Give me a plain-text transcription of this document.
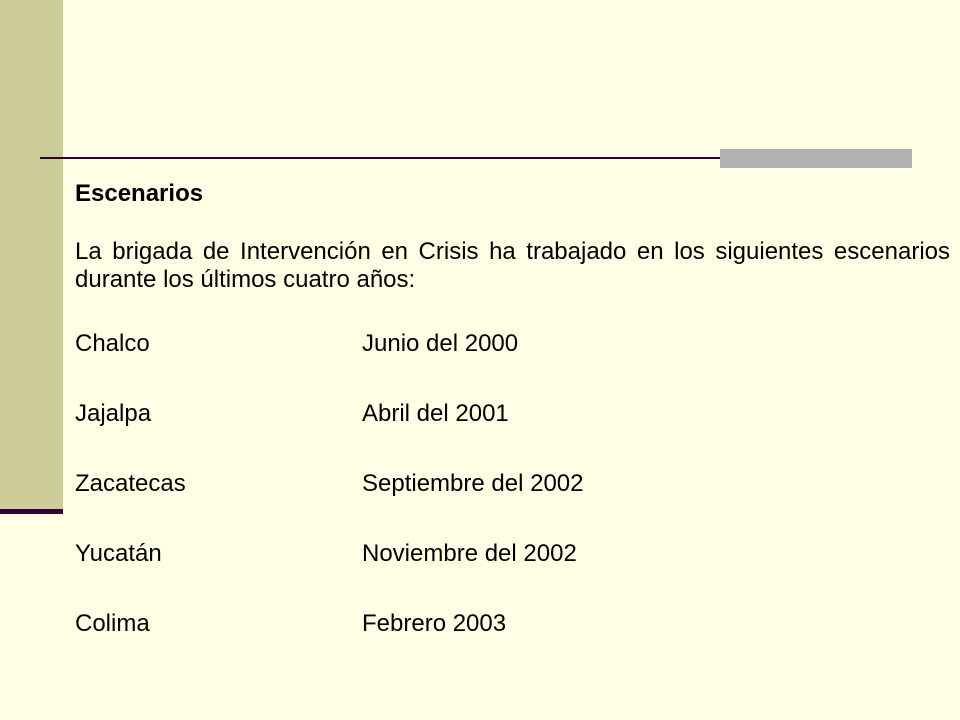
Escenarios
La brigada de Intervención en Crisis ha trabajado en los siguientes escenarios durante los últimos cuatro años:
Chalco	Junio del 2000
Jajalpa	Abril del 2001
Zacatecas	Septiembre del 2002
Yucatán	Noviembre del 2002
Colima	Febrero 2003
